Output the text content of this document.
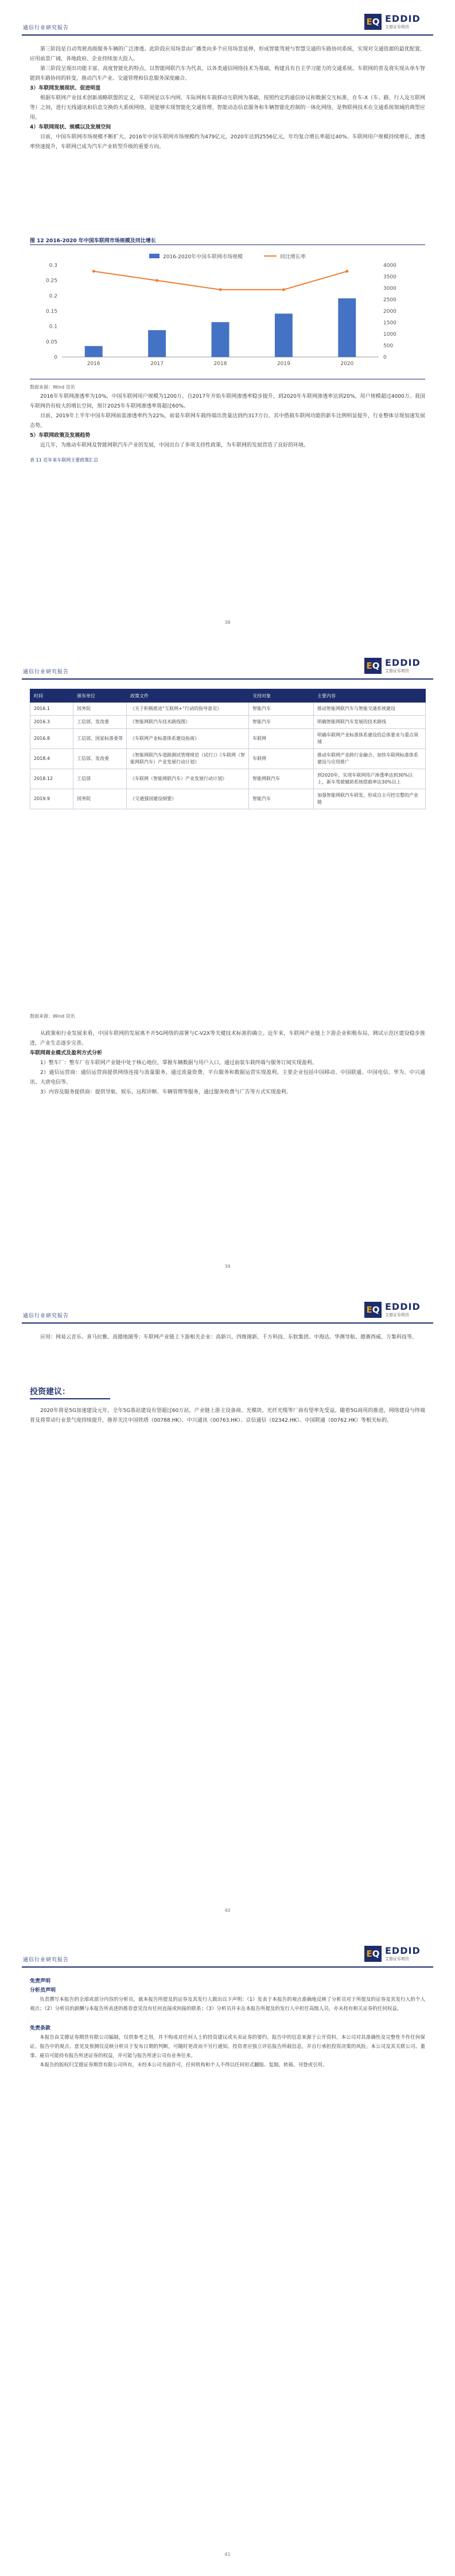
通信行业研究报告
EQ EDDID
艾德证券期货

第三阶段是自动驾驶高级服务车辆的广泛渗透。此阶段应用场景由广播类向多个应用场景延伸，形成智能驾驶与智慧交通的车路协同系统，实现对交通资源的最优配置，应用前景广阔，各地政府、企业持续加大投入。

第三阶段呈现出功能丰富、高度智能化的特点。以智能网联汽车为代表，以各类通信网络技术为基础，构建具有自主学习能力的交通系统。车联网的普及将实现从单车智能到车路协同的转变，推动汽车产业、交通管理和信息服务深度融合。

3）车联网发展现状、促进明显

根据车联网产业技术创新战略联盟的定义，车联网是以车内网、车际网和车载移动互联网为基础，按照约定的通信协议和数据交互标准，在车-X（车、路、行人及互联网等）之间，进行无线通讯和信息交换的大系统网络，是能够实现智能化交通管理、智能动态信息服务和车辆智能化控制的一体化网络，是物联网技术在交通系统领域的典型应用。

4）车联网现状、规模以及发展空间

目前，中国车联网市场规模不断扩大。2016年中国车联网市场规模约为479亿元，2020年达到2556亿元，年均复合增长率超过40%。车联网用户规模持续增长，渗透率快速提升，车联网已成为汽车产业转型升级的重要方向。

图 12 2016-2020 年中国车联网市场规模及同比增长
0
0.05
0.1
0.15
0.2
0.25
0.3
0
500
1000
1500
2000
2500
3000
3500
4000
2016	2017	2018	2019	2020
2016-2020年中国车联网市场规模	同比增长率

数据来源：Wind 资讯

2016年车联网渗透率为10%，中国车联网用户规模为1200万。自2017年开始车联网渗透率稳步提升，到2020年车联网渗透率达到20%，用户规模超过4000万。我国车联网仍有较大的增长空间，预计2025年车联网渗透率将超过60%。

目前，2019年上半年中国车联网前装渗透率约为22%，前装车联网车载终端出货量达到约317万台，其中搭载车联网功能的新车比例明显提升，行业整体呈现加速发展态势。

5）车联网政策及发展趋势

近几年，为推动车联网及智能网联汽车产业的发展，中国出台了多项支持性政策，为车联网的发展营造了良好的环境。

表 11 近年来车联网主要政策汇总

38
通信行业研究报告
EQ EDDID
艾德证券期货
时间	颁布单位	政策文件	支持对象	主要内容
2016.1	国务院	《关于积极推进“互联网+”行动的指导意见》	智能汽车	推动智能网联汽车与智能交通系统建设
2016.3	工信部、发改委	《智能网联汽车技术路线图》	智能汽车	明确智能网联汽车发展的技术路线
2016.8	工信部、国家标准委等	《车联网产业标准体系建设指南》	车联网	明确车联网产业标准体系建设的总体要求与重点领域
2018.4	工信部、发改委	《智能网联汽车道路测试管理规范（试行）》《车联网（智能网联汽车）产业发展行动计划》	车联网	推动车联网产业跨行业融合，加快车联网标准体系建设与应用推广
2018.12	工信部	《车联网（智能网联汽车）产业发展行动计划》	智能网联汽车	到2020年，实现车联网用户渗透率达到30%以上，新车驾驶辅助系统搭载率达30%以上
2019.9	国务院	《交通强国建设纲要》	智能汽车	加强智能网联汽车研发，形成自主可控完整的产业链

数据来源：Wind 资讯

从政策和行业发展来看，中国车联网的发展离不开5G网络的部署与C-V2X等关键技术标准的确立。近年来，车联网产业链上下游企业积极布局，测试示范区建设稳步推进，产业生态逐步完善。

车联网商业模式及盈利方式分析

1）整车厂：整车厂在车联网产业链中处于核心地位，掌握车辆数据与用户入口，通过前装车载终端与服务订阅实现盈利。

2）通信运营商：通信运营商提供网络连接与流量服务，通过流量资费、平台服务和数据运营实现盈利。主要企业包括中国移动、中国联通、中国电信、华为、中兴通讯、大唐电信等。

3）内容及服务提供商：提供导航、娱乐、远程诊断、车辆管理等服务，通过服务收费与广告等方式实现盈利。

39
通信行业研究报告
EQ EDDID
艾德证券期货

应用：网易云音乐、喜马拉雅、高德地图等；车联网产业链上下游相关企业：高新兴、四维图新、千方科技、东软集团、中海达、华测导航、德赛西威、万集科技等。

投资建议：

2020年将是5G加速建设元年，全年5G基站建设有望超过60万站，产业链上游主设备商、光模块、光纤光缆等厂商有望率先受益。随着5G商用的推进，网络建设与终端普及将带动行业景气度持续提升，推荐关注中国铁塔（00788.HK）、中兴通讯（00763.HK）、京信通信（02342.HK）、中国联通（00762.HK）等相关标的。

40
通信行业研究报告
EQ EDDID
艾德证券期货

免责声明

分析员声明

负责撰写本报告的全部或部分内容的分析员，就本报告所提及的证券及其发行人做出以下声明：（1）发表于本报告的观点准确地反映了分析员对于所提及的证券及其发行人的个人观点；（2）分析员的薪酬与本报告所表述的推荐意见没有任何直接或间接的联系；（3）分析员并未在本报告所提及的发行人中担任高级人员，亦未持有相关证券的任何权益。

免责条款

本报告由艾德证券期货有限公司编制，仅供参考之用，并不构成对任何人士的投资建议或买卖证券的要约。报告中的信息来源于公开资料，本公司对其准确性及完整性不作任何保证。报告中的观点、意见及预测仅反映分析员于发布日期的判断，可随时更改而不另行通知。投资者应独立评估报告所载信息，并自行承担投资决策的风险。本公司及其关联公司、董事、雇员可能持有报告所述证券的权益，并可能与报告所述公司有业务往来。

本报告的版权归艾德证券期货有限公司所有，未经本公司书面许可，任何机构和个人不得以任何形式翻版、复制、转载、刊登或引用。

41
